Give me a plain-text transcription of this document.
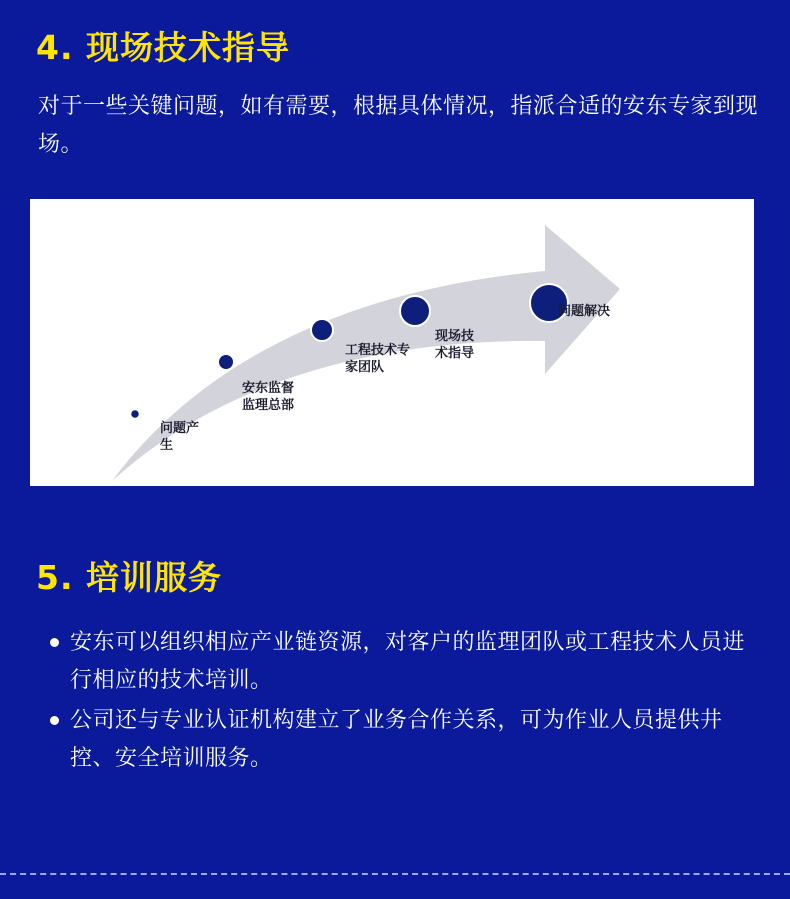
4. 现场技术指导
对于一些关键问题，如有需要，根据具体情况，指派合适的安东专家到现场。
问题产
生
安东监督
监理总部
工程技术专
家团队
现场技
术指导
问题解决
5. 培训服务
安东可以组织相应产业链资源，对客户的监理团队或工程技术人员进行相应的技术培训。
公司还与专业认证机构建立了业务合作关系，可为作业人员提供井控、安全培训服务。
